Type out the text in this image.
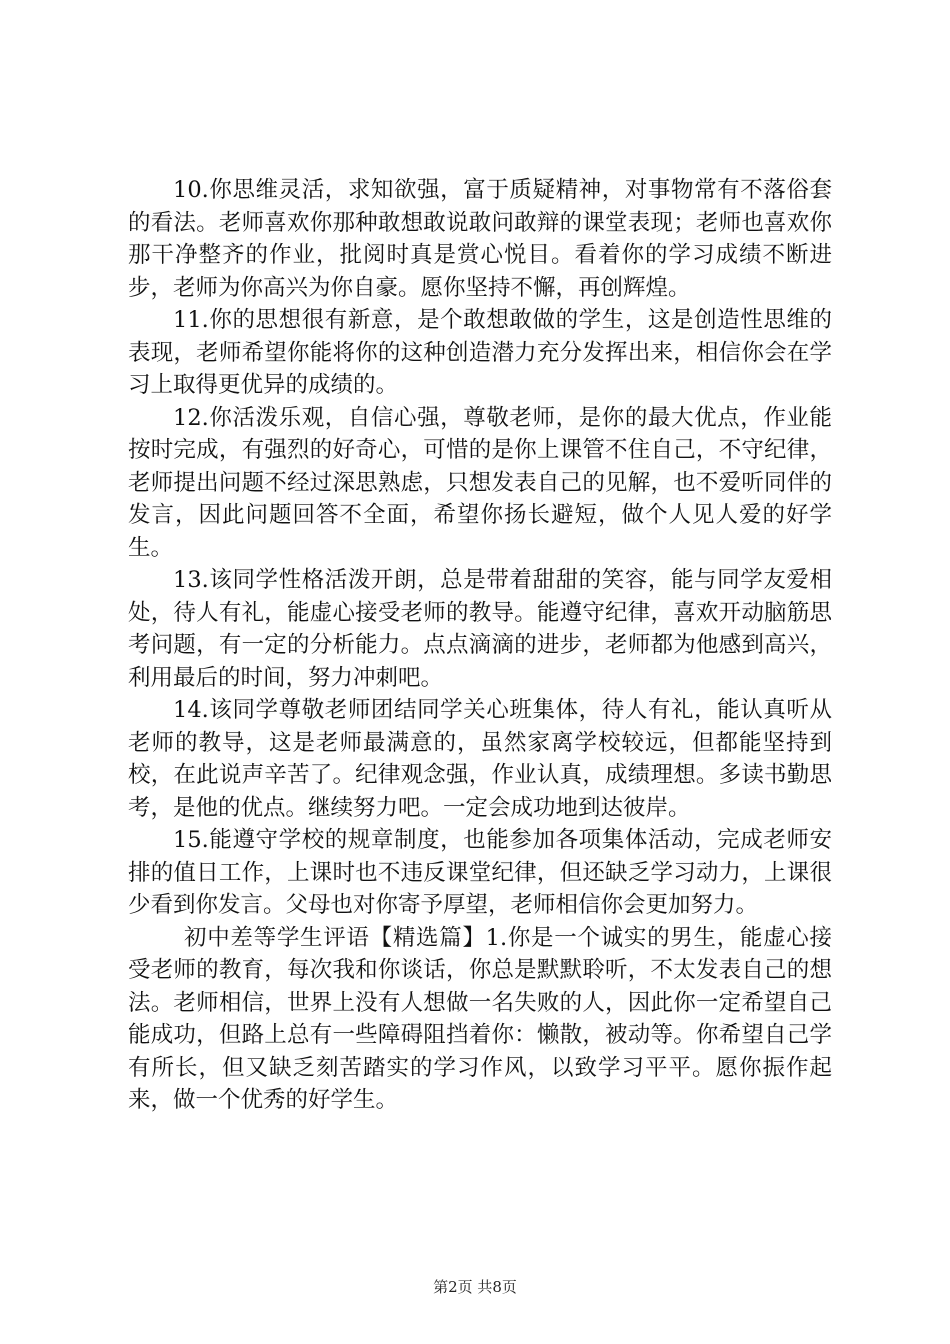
10.你思维灵活，求知欲强，富于质疑精神，对事物常有不落俗套的看法。老师喜欢你那种敢想敢说敢问敢辩的课堂表现；老师也喜欢你那干净整齐的作业，批阅时真是赏心悦目。看着你的学习成绩不断进步，老师为你高兴为你自豪。愿你坚持不懈，再创辉煌。

11.你的思想很有新意，是个敢想敢做的学生，这是创造性思维的表现，老师希望你能将你的这种创造潜力充分发挥出来，相信你会在学习上取得更优异的成绩的。

12.你活泼乐观，自信心强，尊敬老师，是你的最大优点，作业能按时完成，有强烈的好奇心，可惜的是你上课管不住自己，不守纪律，老师提出问题不经过深思熟虑，只想发表自己的见解，也不爱听同伴的发言，因此问题回答不全面，希望你扬长避短，做个人见人爱的好学生。

13.该同学性格活泼开朗，总是带着甜甜的笑容，能与同学友爱相处，待人有礼，能虚心接受老师的教导。能遵守纪律，喜欢开动脑筋思考问题，有一定的分析能力。点点滴滴的进步，老师都为他感到高兴，利用最后的时间，努力冲刺吧。

14.该同学尊敬老师团结同学关心班集体，待人有礼，能认真听从老师的教导，这是老师最满意的，虽然家离学校较远，但都能坚持到校，在此说声辛苦了。纪律观念强，作业认真，成绩理想。多读书勤思考，是他的优点。继续努力吧。一定会成功地到达彼岸。

15.能遵守学校的规章制度，也能参加各项集体活动，完成老师安排的值日工作，上课时也不违反课堂纪律，但还缺乏学习动力，上课很少看到你发言。父母也对你寄予厚望，老师相信你会更加努力。

初中差等学生评语【精选篇】1.你是一个诚实的男生，能虚心接受老师的教育，每次我和你谈话，你总是默默聆听，不太发表自己的想法。老师相信，世界上没有人想做一名失败的人，因此你一定希望自己能成功，但路上总有一些障碍阻挡着你：懒散，被动等。你希望自己学有所长，但又缺乏刻苦踏实的学习作风，以致学习平平。愿你振作起来，做一个优秀的好学生。

第2页 共8页
